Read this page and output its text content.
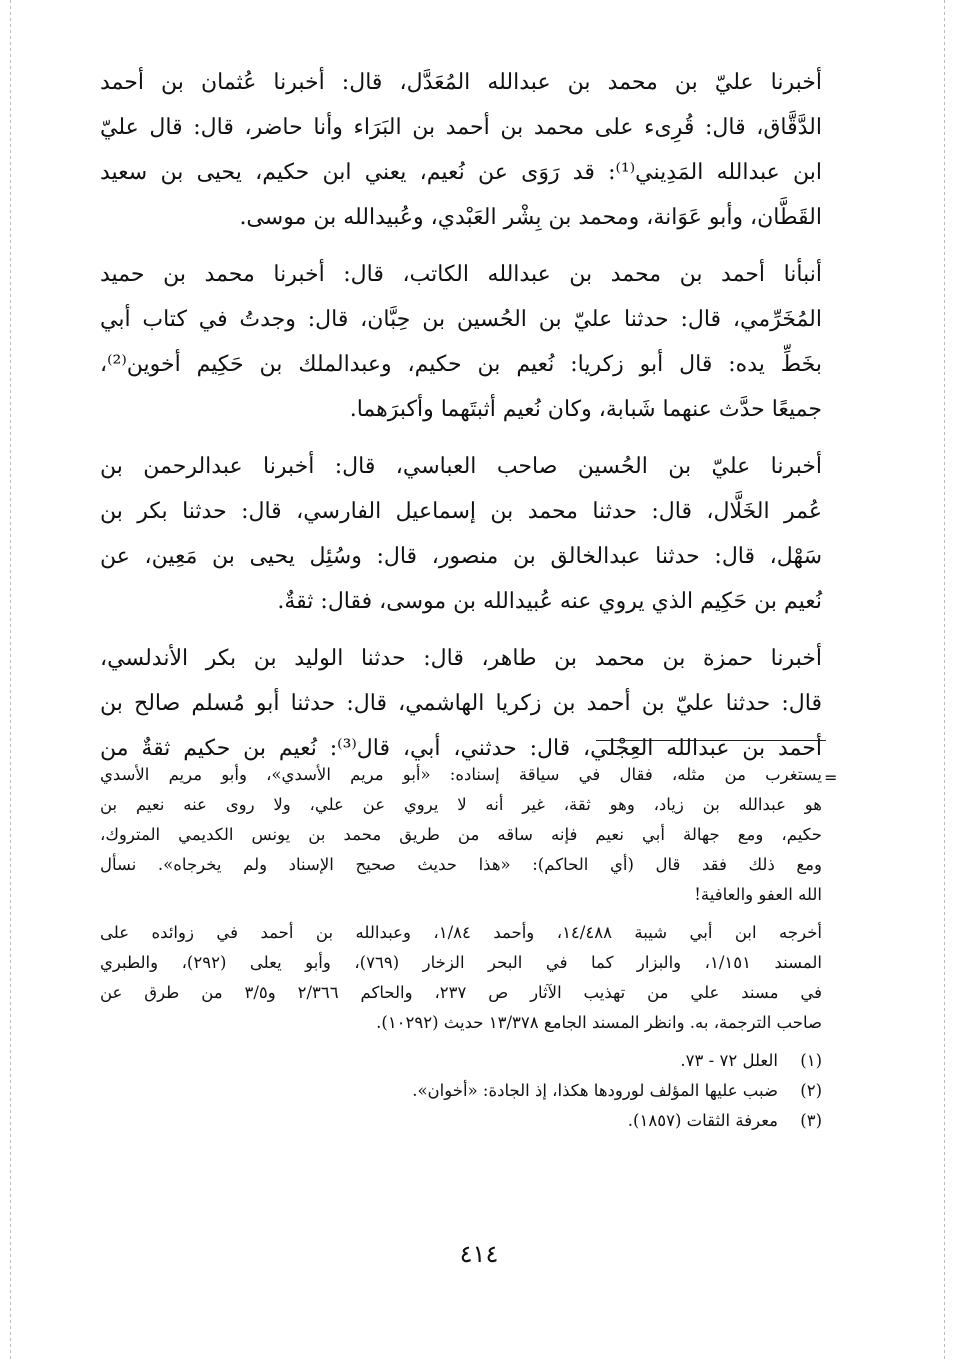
أخبرنا عليّ بن محمد بن عبدالله المُعَدَّل، قال: أخبرنا عُثمان بن أحمد
الدَّقَّاق، قال: قُرِىء على محمد بن أحمد بن البَرَاء وأنا حاضر، قال: قال عليّ
ابن عبدالله المَدِيني⁽¹⁾: قد رَوَى عن نُعيم، يعني ابن حكيم، يحيى بن سعيد
القَطَّان، وأبو عَوَانة، ومحمد بن بِشْر العَبْدي، وعُبيدالله بن موسى.

أنبأنا أحمد بن محمد بن عبدالله الكاتب، قال: أخبرنا محمد بن حميد
المُخَرِّمي، قال: حدثنا عليّ بن الحُسين بن حِبَّان، قال: وجدتُ في كتاب أبي
بخَطِّ يده: قال أبو زكريا: نُعيم بن حكيم، وعبدالملك بن حَكِيم أخوين⁽²⁾،
جميعًا حدَّث عنهما شَبابة، وكان نُعيم أثبتَهما وأكبرَهما.

أخبرنا عليّ بن الحُسين صاحب العباسي، قال: أخبرنا عبدالرحمن بن
عُمر الخَلَّال، قال: حدثنا محمد بن إسماعيل الفارسي، قال: حدثنا بكر بن
سَهْل، قال: حدثنا عبدالخالق بن منصور، قال: وسُئِل يحيى بن مَعِين، عن
نُعيم بن حَكِيم الذي يروي عنه عُبيدالله بن موسى، فقال: ثقةٌ.

أخبرنا حمزة بن محمد بن طاهر، قال: حدثنا الوليد بن بكر الأندلسي،
قال: حدثنا عليّ بن أحمد بن زكريا الهاشمي، قال: حدثنا أبو مُسلم صالح بن
أحمد بن عبدالله العِجْلي، قال: حدثني، أبي، قال⁽³⁾: نُعيم بن حكيم ثقةٌ من

=
يستغرب من مثله، فقال في سياقة إسناده: «أبو مريم الأسدي»، وأبو مريم الأسدي
هو عبدالله بن زياد، وهو ثقة، غير أنه لا يروي عن علي، ولا روى عنه نعيم بن
حكيم، ومع جهالة أبي نعيم فإنه ساقه من طريق محمد بن يونس الكديمي المتروك،
ومع ذلك فقد قال (أي الحاكم): «هذا حديث صحيح الإسناد ولم يخرجاه». نسأل
الله العفو والعافية!
أخرجه ابن أبي شيبة ١٤/٤٨٨، وأحمد ١/٨٤، وعبدالله بن أحمد في زوائده على
المسند ١/١٥١، والبزار كما في البحر الزخار (٧٦٩)، وأبو يعلى (٢٩٢)، والطبري
في مسند علي من تهذيب الآثار ص ٢٣٧، والحاكم ٢/٣٦٦ و٣/٥ من طرق عن
صاحب الترجمة، به. وانظر المسند الجامع ١٣/٣٧٨ حديث (١٠٢٩٢).
(١)
العلل ٧٢ - ٧٣.
(٢)
ضبب عليها المؤلف لورودها هكذا، إذ الجادة: «أخوان».
(٣)
معرفة الثقات (١٨٥٧).
٤١٤
